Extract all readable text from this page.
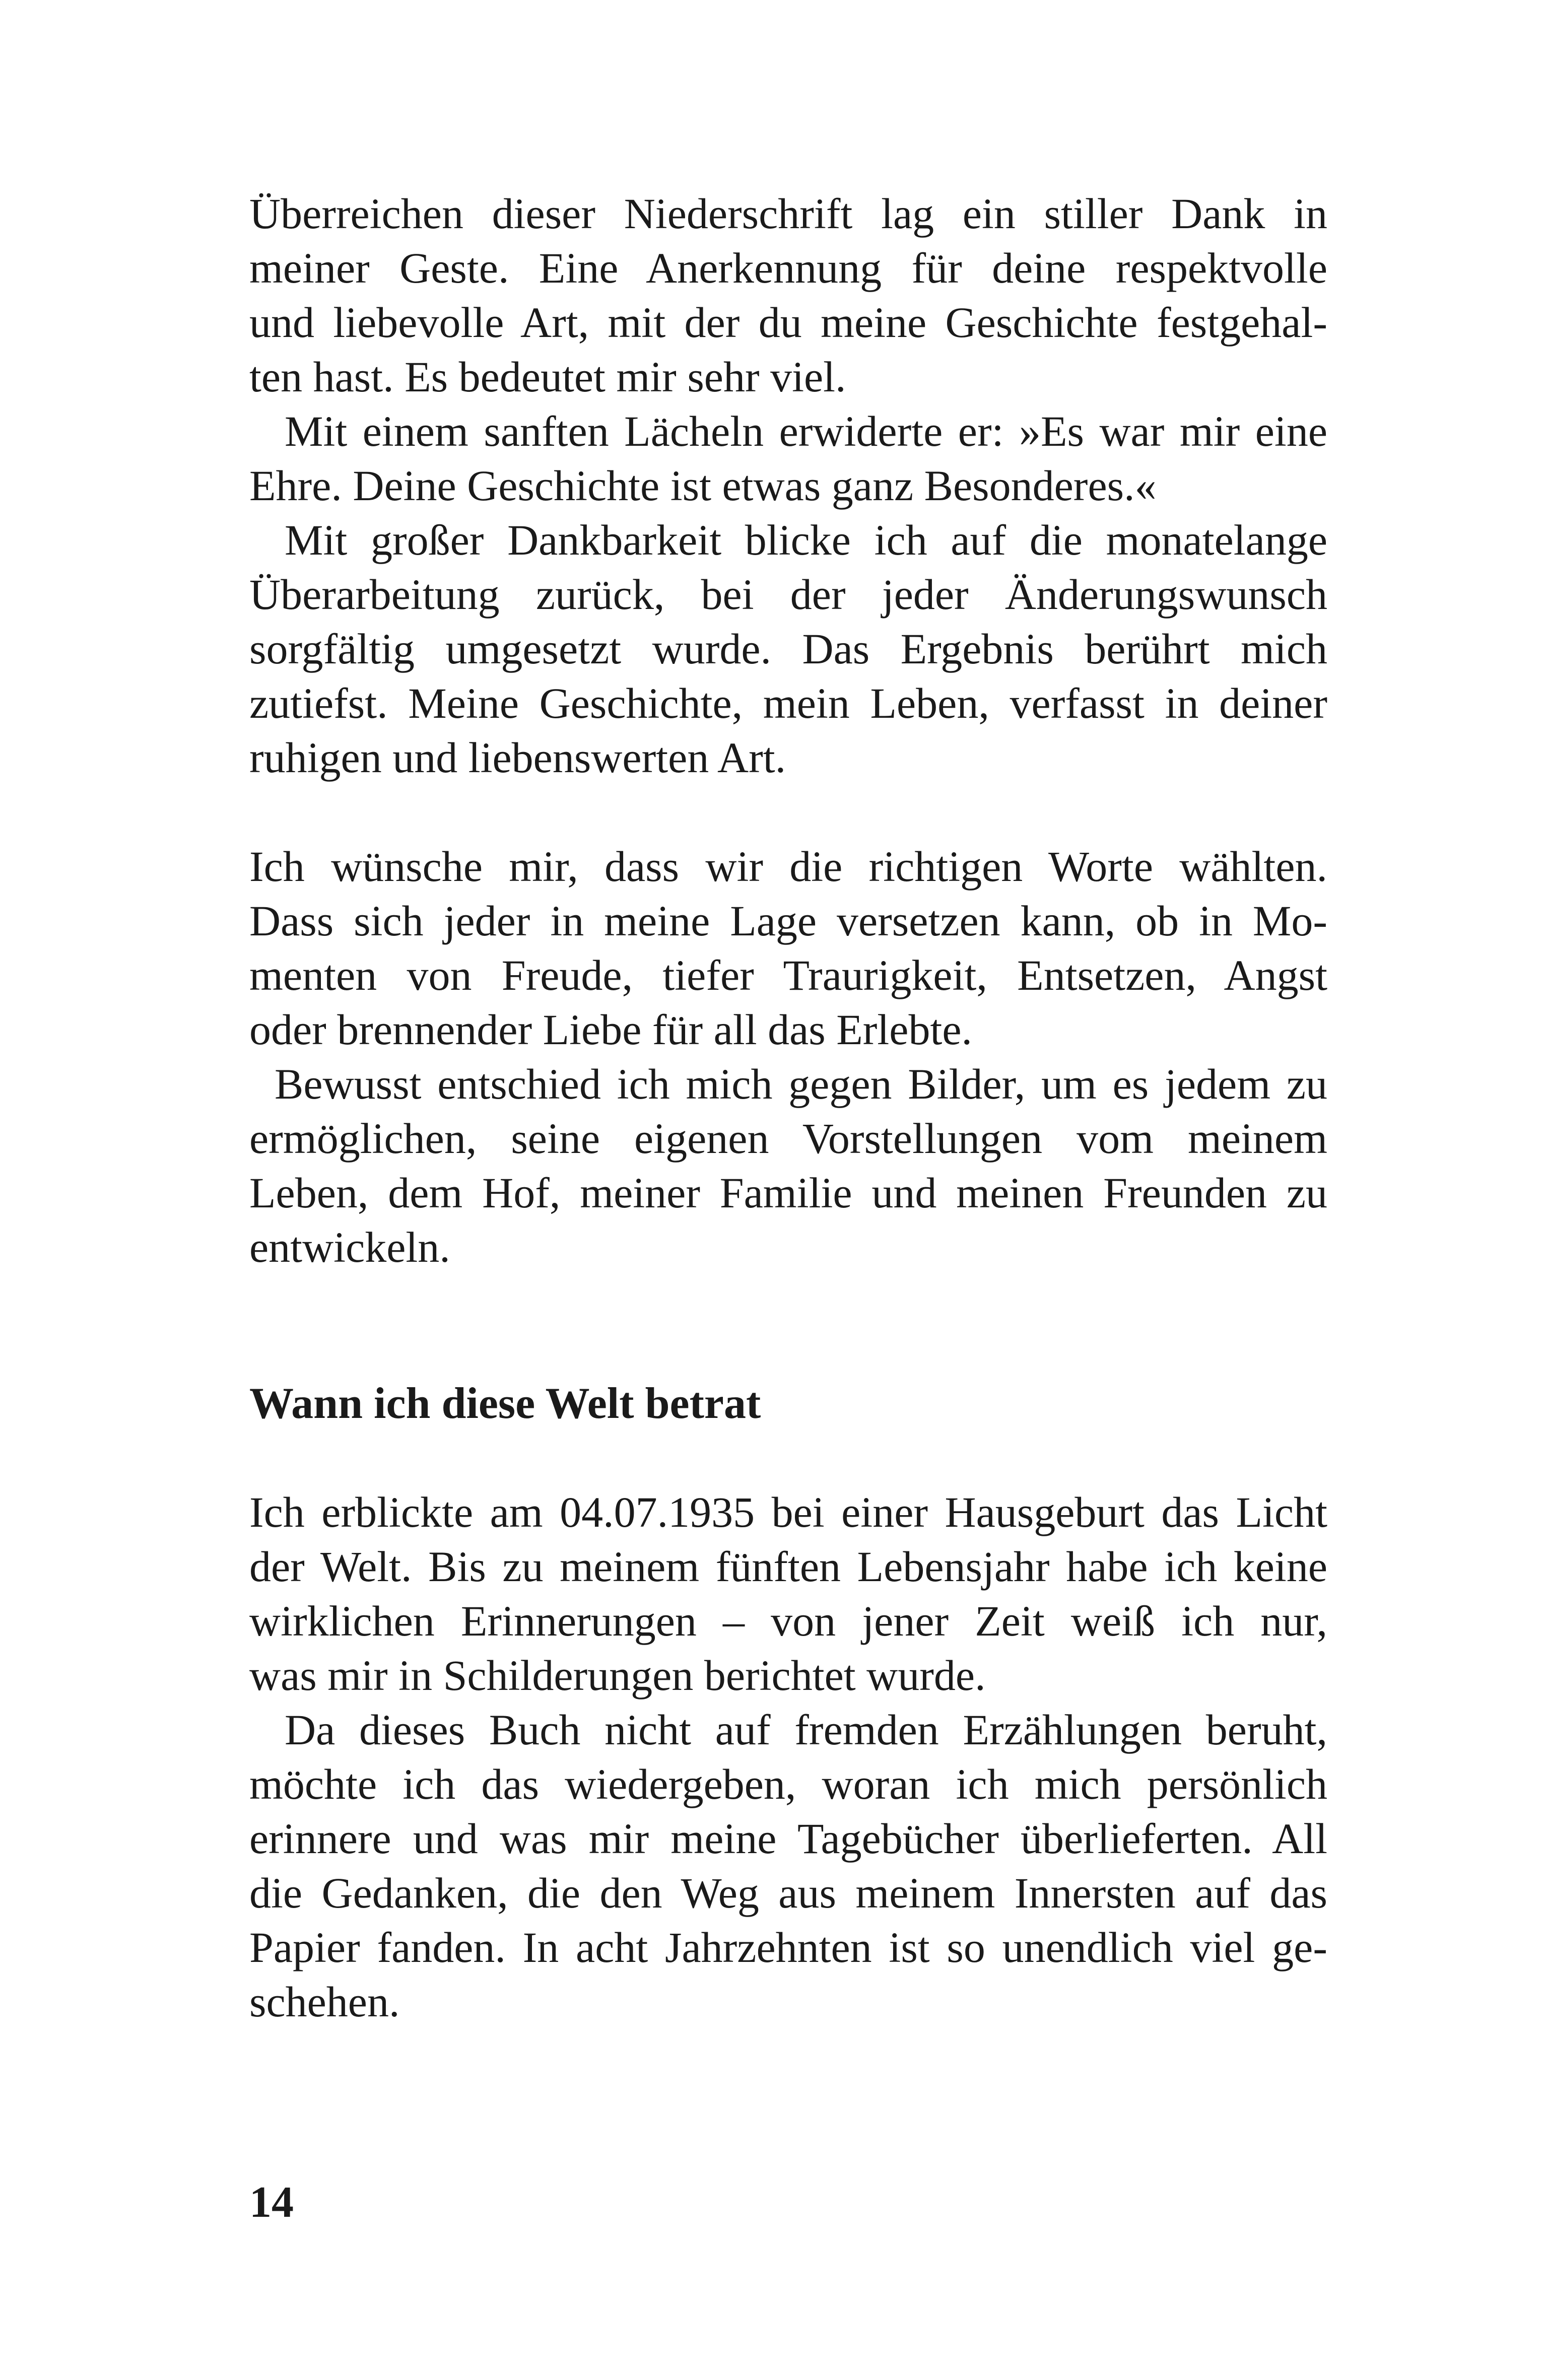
Überreichen dieser Niederschrift lag ein stiller Dank in
meiner Geste. Eine Anerkennung für deine respektvolle
und liebevolle Art, mit der du meine Geschichte festgehal-
ten hast. Es bedeutet mir sehr viel.
Mit einem sanften Lächeln erwiderte er: »Es war mir eine
Ehre. Deine Geschichte ist etwas ganz Besonderes.«
Mit großer Dankbarkeit blicke ich auf die monatelange
Überarbeitung zurück, bei der jeder Änderungswunsch
sorgfältig umgesetzt wurde. Das Ergebnis berührt mich
zutiefst. Meine Geschichte, mein Leben, verfasst in deiner
ruhigen und liebenswerten Art.
Ich wünsche mir, dass wir die richtigen Worte wählten.
Dass sich jeder in meine Lage versetzen kann, ob in Mo-
menten von Freude, tiefer Traurigkeit, Entsetzen, Angst
oder brennender Liebe für all das Erlebte.
Bewusst entschied ich mich gegen Bilder, um es jedem zu
ermöglichen, seine eigenen Vorstellungen vom meinem
Leben, dem Hof, meiner Familie und meinen Freunden zu
entwickeln.
Wann ich diese Welt betrat
Ich erblickte am 04.07.1935 bei einer Hausgeburt das Licht
der Welt. Bis zu meinem fünften Lebensjahr habe ich keine
wirklichen Erinnerungen – von jener Zeit weiß ich nur,
was mir in Schilderungen berichtet wurde.
Da dieses Buch nicht auf fremden Erzählungen beruht,
möchte ich das wiedergeben, woran ich mich persönlich
erinnere und was mir meine Tagebücher überlieferten. All
die Gedanken, die den Weg aus meinem Innersten auf das
Papier fanden. In acht Jahrzehnten ist so unendlich viel ge-
schehen.
14
